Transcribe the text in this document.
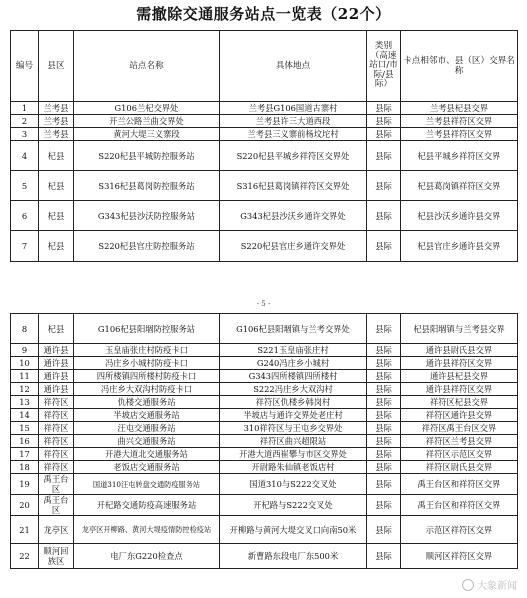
需撤除交通服务站点一览表（22个）
编号	县区	站点名称	具体地点	类别（高速站口/市际/县际）	卡点相邻市、县（区）交界名称
1	兰考县	G106兰杞交界处	兰考县G106国道古寨村	县际	兰考县杞县交界
2	兰考县	开兰公路兰曲交界处	兰考县许三大道西段	县际	兰考县祥符区交界
3	兰考县	黄河大堤三义寨段	兰考县三义寨前杨坟坨村	县际	兰考县祥符区交界
4	杞县	S220杞县平城防控服务站	S220杞县平城乡祥符区交界处	县际	杞县平城乡祥符区交界
5	杞县	S316杞县葛岗防控服务站	S316杞县葛岗镇祥符区交界处	县际	杞县葛岗镇祥符区交界
6	杞县	G343杞县沙沃防控服务站	G343杞县沙沃乡通许交界处	县际	杞县沙沃乡通许县交界
7	杞县	S220杞县官庄防控服务站	S220杞县官庄乡通许交界处	县际	杞县官庄乡通许县交界
- 5 -
8	杞县	G106杞县阳堌防控服务站	G106杞县阳堌镇与兰考交界处	县际	杞县阳堌镇与兰考县交界
9	通许县	玉皇庙张庄村防疫卡口	S221玉皇庙张庄村	县际	通许县尉氏县交界
10	通许县	冯庄乡小城村防疫卡口	G240冯庄乡小城村	县际	通许县祥符区交界
11	通许县	四所楼镇四所楼村防疫卡口	G343四所楼镇四所楼村	县际	通许县杞县交界
12	通许县	冯庄乡大双沟村防疫卡口	S222冯庄乡大双沟村	县际	通许县祥符区交界
13	祥符区	仇楼交通服务站	祥符区仇楼乡韩岗村	县际	祥符区杞县交界
14	祥符区	半坡店交通服务站	半坡店与通许交界处老庄村	县际	祥符区通许县交界
15	祥符区	汪屯交通服务站	310祥符区与王屯乡交界处	县际	祥符区禹王台区交界
16	祥符区	曲兴交通服务站	祥符区曲兴超限站	县际	祥符区兰考县交界
17	祥符区	开港大道北交通服务站	开港大道西崔攀与市区交界处	县际	祥符区示范区交界
18	祥符区	老饭店交通服务站	开尉路朱仙镇老饭店村	县际	祥符区尉氏县交界
19	禹王台区	国道310汪屯转盘交通防疫服务站	国道310与S222交叉处	县际	禹王台区和祥符区交界
20	禹王台区	开杞路交通防疫高速服务站	开杞路与S222交叉处	县际	禹王台区和祥符区交界
21	龙亭区	龙亭区开柳路、黄河大堤疫情防控检疫站	开柳路与黄河大堤交叉口向南50米	县际	示范区祥符区交界
22	顺河回族区	电厂东G220检查点	新曹路东段电厂东500米	县际	顺河区祥符区交界
大象新闻
